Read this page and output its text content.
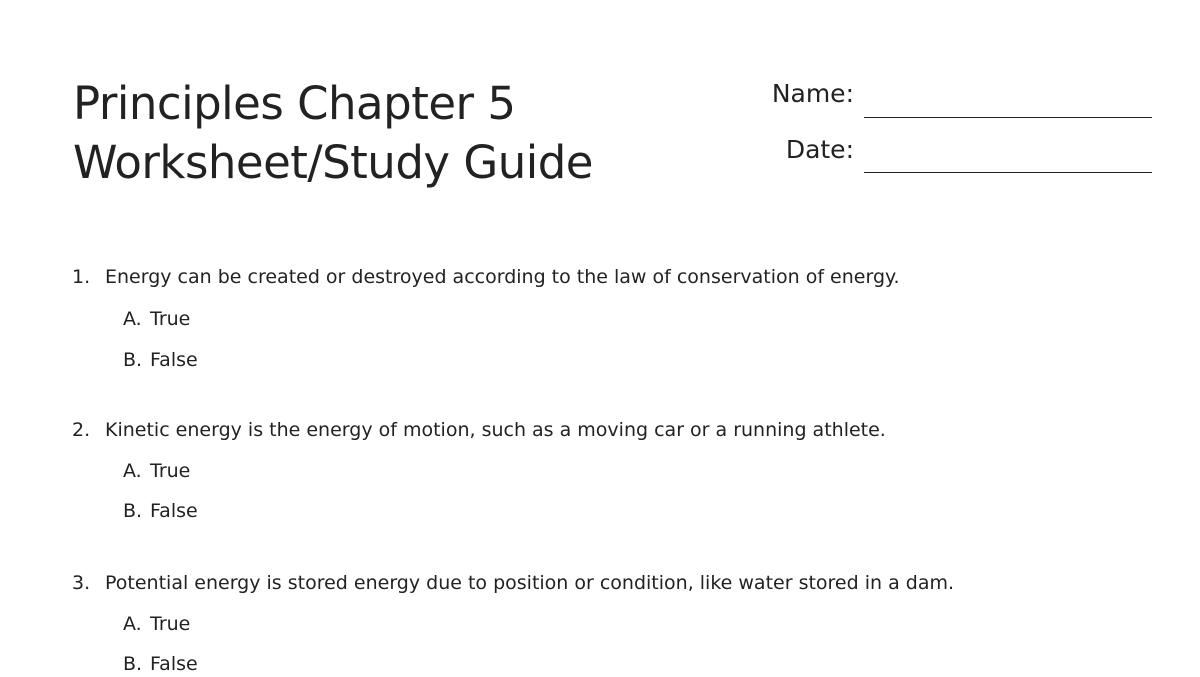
Principles Chapter 5
Worksheet/Study Guide
Name:
Date:
1. Energy can be created or destroyed according to the law of conservation of energy.
A. True
B. False
2. Kinetic energy is the energy of motion, such as a moving car or a running athlete.
A. True
B. False
3. Potential energy is stored energy due to position or condition, like water stored in a dam.
A. True
B. False
